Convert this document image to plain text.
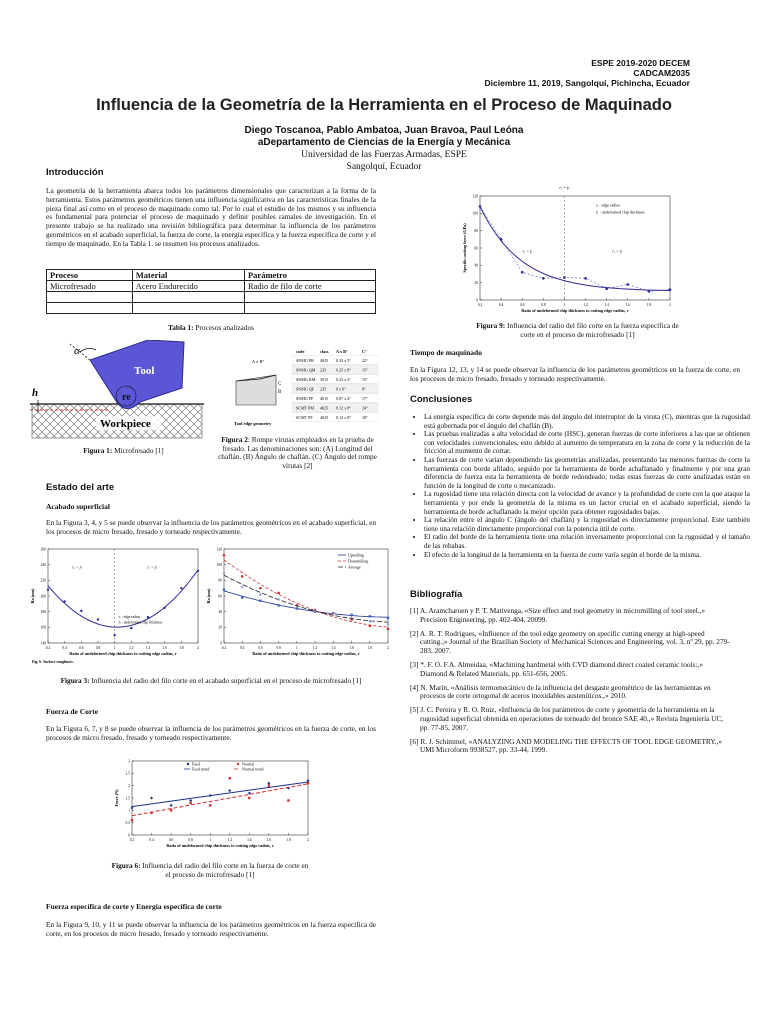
ESPE 2019-2020 DECEM
CADCAM2035
Diciembre 11, 2019, Sangolquí, Pichincha, Ecuador
Influencia de la Geometría de la Herramienta en el Proceso de Maquinado
Diego Toscanoa, Pablo Ambatoa, Juan Bravoa, Paul Leóna
aDepartamento de Ciencias de la Energía y Mecánica
Universidad de las Fuerzas Armadas, ESPE
Sangolquí, Ecuador
Introducción
La geometría de la herramienta abarca todos los parámetros dimensionales que caracterizan a la forma de la herramienta. Estos parámetros geométricos tienen una influencia significativa en las características finales de la pieza final así como en el proceso de maquinado como tal. Por lo cual el estudio de los mismos y su influencia es fundamental para potenciar el proceso de maquinado y definir posibles ramales de investigación. En el presente trabajo se ha realizado una revisión bibliográfica para determinar la influencia de los parámetros geométricos en el acabado superficial, la fuerza de corte, la energía específica y la fuerza específica de corte y el tiempo de maquinado. En la Tabla 1. se resumen los procesos analizados.
Proceso	Material	Parámetro
Microfresado	Acero Endurecido	Radio de filo de corte

Tabla 1: Procesos analizados
α
Tool
re
h
Workpiece
Figura 1: Microfresado [1]
A x B°
C
B
Tool edge geometry
code	class A x B°	C°
SNMG PR 4025 0.32 x 5°	22°
SNMG QM 235 0.25 x 8°	15°
SNMG KM 3015 0.23 x 2°	15°
SNMG QF 235 0 x 0°	9°
SNMG PF 4015 0.07 x 4°	17°
SCMT PM 4025 0.12 x 8°	24°
SCMT PF 4025 0.12 x 8°	18°
Figura 2: Rompe virutas empleados en la prueba de fresado. Las denominaciones son: (A) Longitud del chaflán. (B) Ángulo de chaflán. (C) Ángulo del rompe virutas [2]
Estado del arte
Acabado superficial
En la Figura 3, 4, y 5 se puede observar la influencia de los parámetros geométricos en el acabado superficial, en los procesos de micro fresado, fresado y torneado respectivamente.
0.2	0.4	0.6	0.8	1	1.2	1.4	1.6	1.8	2
140
160
180
200
220
240
260
Ratio of undeformed chip thickness to cutting edge radius, r
Ra (nm)
rₑ > fₜ	rₑ < fₜ
rₑ : edge radius
fₜ : undeformed chip thickness
Fig. 6. Surface roughness.
0.2	0.4	0.6	0.8	1	1.2	1.4	1.6	1.8	2
0
20
40
60
80
100
120
Ratio of undeformed chip thickness to cutting edge radius, r
Ra (nm)
Upmilling
Downmilling
Average
Figura 3: Influencia del radio del filo corte en el acabado superficial en el proceso de microfresado [1]
Fuerza de Corte
En la Figura 6, 7, y 8 se puede observar la influencia de los parámetros geométricos en la fuerza de corte, en los procesos de micro fresado, fresado y torneado respectivamente.
0.2	0.4	0.6	0.8	1	1.2	1.4	1.6	1.8	2
0
0.5
1
1.5
2
2.5
3
Ratio of undeformed chip thickness to cutting edge radius, r
Force (N)
Feed
Feed trend
Normal
Normal trend
Figura 6: Influencia del radio del filo corte en la fuerza de corte en el proceso de microfresado [1]
Fuerza específica de corte y Energía específica de corte
En la Figura 9, 10, y 11 se puede observar la influencia de los parámetros geométricos en la fuerza específica de corte, en los procesos de micro fresado, fresado y torneado respectivamente.
0.2	0.4	0.6	0.8	1	1.2	1.4	1.6	1.8	2
0
20
40
60
80
100
120
Ratio of undeformed chip thickness to cutting edge radius, r
Specific cutting force (GPa)
rₑ = fₜ
rₑ > fₜ	rₑ < fₜ
rₑ : edge radius
fₜ : undeformed chip thickness
Figura 9: Influencia del radio del filo corte en la fuerza específica de corte en el proceso de microfresado [1]
Tiempo de maquinado
En la Figura 12, 13, y 14 se puede observar la influencia de los parámetros geométricos en la fuerza de corte, en los procesos de micro fresado, fresado y torneado respectivamente.
Conclusiones
• La energía específica de corte depende más del ángulo del interruptor de la viruta (C), mientras que la rugosidad está gobernada por el ángulo del chaflán (B).
• Las pruebas realizadas a alta velocidad de corte (HSC), generan fuerzas de corte inferiores a las que se obtienen con velocidades convencionales, esto debido al aumento de temperatura en la zona de corte y la reducción de la fricción al momento de cortar.
• Las fuerzas de corte varían dependiendo las geometrías analizadas, presentando las menores fuerzas de corte la herramienta con borde afilado, seguido por la herramienta de borde achaflanado y finalmente y por una gran diferencia de fuerza esta la herramienta de borde redondeado; todas estas fuerzas de corte analizadas están en función de la longitud de corte o mecanizado.
• La rugosidad tiene una relación directa con la velocidad de avance y la profundidad de corte con la que ataque la herramienta y por ende la geometría de la misma es un factor crucial en el acabado superficial, siendo la herramienta de borde achaflanado la mejor opción para obtener rugosidades bajas.
• La relación entre el ángulo C (ángulo del chaflán) y la rugosidad es directamente proporcional. Este también tiene una relación directamente proporcional con la potencia útil de corte.
• El radio del borde de la herramienta tiene una relación inversamente proporcional con la rugosidad y el tamaño de las rebabas.
• El efecto de la longitud de la herramienta en la fuerza de corte varía según el borde de la misma.
Bibliografía
[1] A. Aramcharoen y P. T. Mativenga, «Size effect and tool geometry in micromilling of tool steel.,» Precision Engineering, pp. 402-404, 20099.
[2] A. R. T. Rodrigues, «Influence of the tool edge geometry on specific cutting energy at high-speed cutting.,» Journal of the Brazilian Society of Mechanical Sciences and Engineering, vol. 3, nº 29, pp. 279-283, 2007.
[3] *. F. O. F.A. Almeidaa, «Machining hardmetal with CVD diamond direct coated ceramic tools:,» Diamond & Related Materials, pp. 651-656, 2005.
[4] N. Marín, «Análisis termomecánico de la influencia del desgaste geométrico de las herramientas en procesos de corte ortogonal de aceros inoxidables austeníticos.,» 2010.
[5] J. C. Pereira y R. O. Ruiz, «Influencia de los parámetros de corte y geometría de la herramienta en la rugosidad superficial obtenida en operaciones de torneado del bronce SAE 40.,» Revista Ingeniería UC, pp. 77-85, 2007.
[6] R. J. Schimmel, «ANALYZING AND MODELING THE EFFECTS OF TOOL EDGE GEOMETRY.,» UMI Microform 9938527, pp. 33-44, 1999.
